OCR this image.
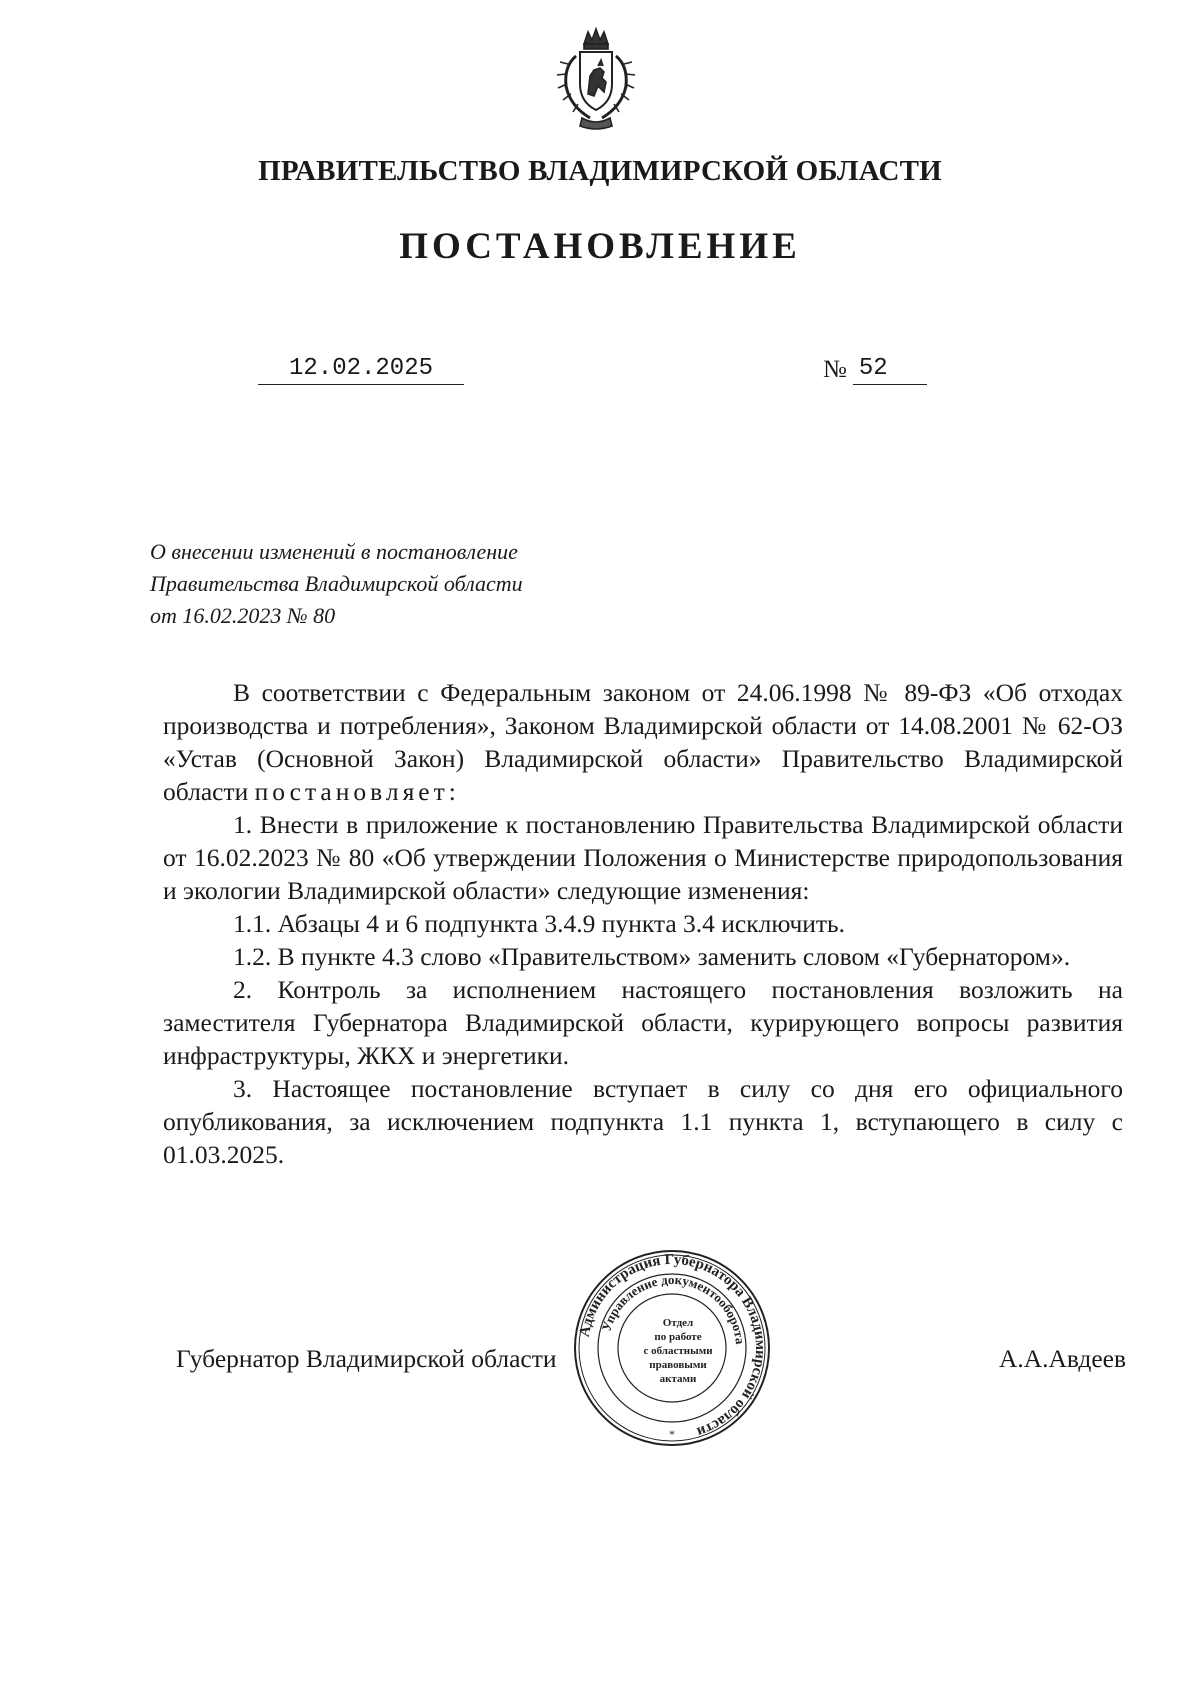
ПРАВИТЕЛЬСТВО ВЛАДИМИРСКОЙ ОБЛАСТИ
ПОСТАНОВЛЕНИЕ
12.02.2025	№ 52
О внесении изменений в постановление
Правительства Владимирской области
от 16.02.2023 № 80

В соответствии с Федеральным законом от 24.06.1998 № 89-ФЗ «Об отходах производства и потребления», Законом Владимирской области от 14.08.2001 № 62-ОЗ «Устав (Основной Закон) Владимирской области» Правительство Владимирской области постановляет:

1. Внести в приложение к постановлению Правительства Владимирской области от 16.02.2023 № 80 «Об утверждении Положения о Министерстве природопользования и экологии Владимирской области» следующие изменения:

1.1. Абзацы 4 и 6 подпункта 3.4.9 пункта 3.4 исключить.

1.2. В пункте 4.3 слово «Правительством» заменить словом «Губернатором».

2. Контроль за исполнением настоящего постановления возложить на заместителя Губернатора Владимирской области, курирующего вопросы развития инфраструктуры, ЖКХ и энергетики.

3. Настоящее постановление вступает в силу со дня его официального опубликования, за исключением подпункта 1.1 пункта 1, вступающего в силу с 01.03.2025.

Губернатор Владимирской области	А.А.Авдеев
Администрация Губернатора Владимирской области
Управление документооборота
*
Отдел
по работе
с областными
правовыми
актами
